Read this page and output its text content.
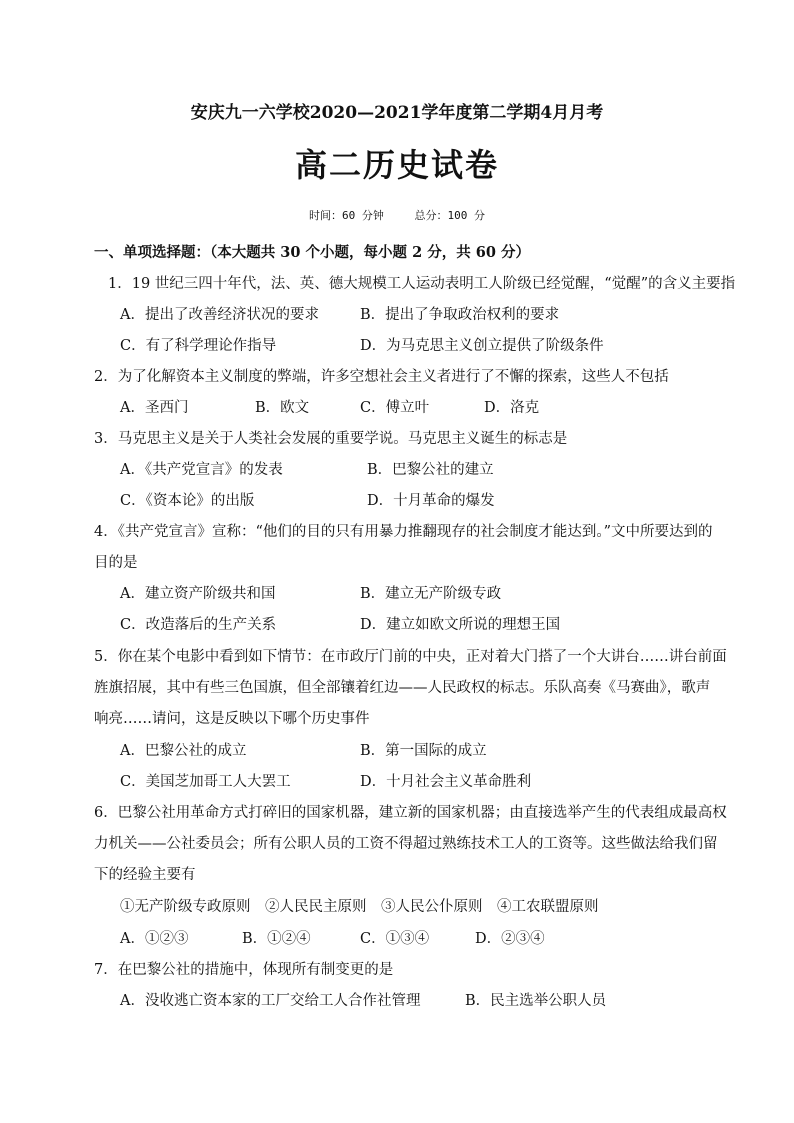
安庆九一六学校2020—2021学年度第二学期4月月考
高二历史试卷
时间：60 分钟	总分：100 分
一、单项选择题：（本大题共 30 个小题，每小题 2 分，共 60 分）
1．19 世纪三四十年代，法、英、德大规模工人运动表明工人阶级已经觉醒，“觉醒”的含义主要指
A．提出了改善经济状况的要求	B．提出了争取政治权利的要求
C．有了科学理论作指导	D．为马克思主义创立提供了阶级条件
2．为了化解资本主义制度的弊端，许多空想社会主义者进行了不懈的探索，这些人不包括
A．圣西门	B．欧文	C．傅立叶	D．洛克
3．马克思主义是关于人类社会发展的重要学说。马克思主义诞生的标志是
A．《共产党宣言》的发表	B．巴黎公社的建立
C．《资本论》的出版	D．十月革命的爆发
4．《共产党宣言》宣称：“他们的目的只有用暴力推翻现存的社会制度才能达到。”文中所要达到的
目的是
A．建立资产阶级共和国	B．建立无产阶级专政
C．改造落后的生产关系	D．建立如欧文所说的理想王国
5．你在某个电影中看到如下情节：在市政厅门前的中央，正对着大门搭了一个大讲台……讲台前面
旌旗招展，其中有些三色国旗，但全部镶着红边——人民政权的标志。乐队高奏《马赛曲》，歌声
响亮……请问，这是反映以下哪个历史事件
A．巴黎公社的成立	B．第一国际的成立
C．美国芝加哥工人大罢工	D．十月社会主义革命胜利
6．巴黎公社用革命方式打碎旧的国家机器，建立新的国家机器；由直接选举产生的代表组成最高权
力机关——公社委员会；所有公职人员的工资不得超过熟练技术工人的工资等。这些做法给我们留
下的经验主要有
①无产阶级专政原则　②人民民主原则　③人民公仆原则　④工农联盟原则
A．①②③	B．①②④	C．①③④	D．②③④
7．在巴黎公社的措施中，体现所有制变更的是
A．没收逃亡资本家的工厂交给工人合作社管理	B．民主选举公职人员
